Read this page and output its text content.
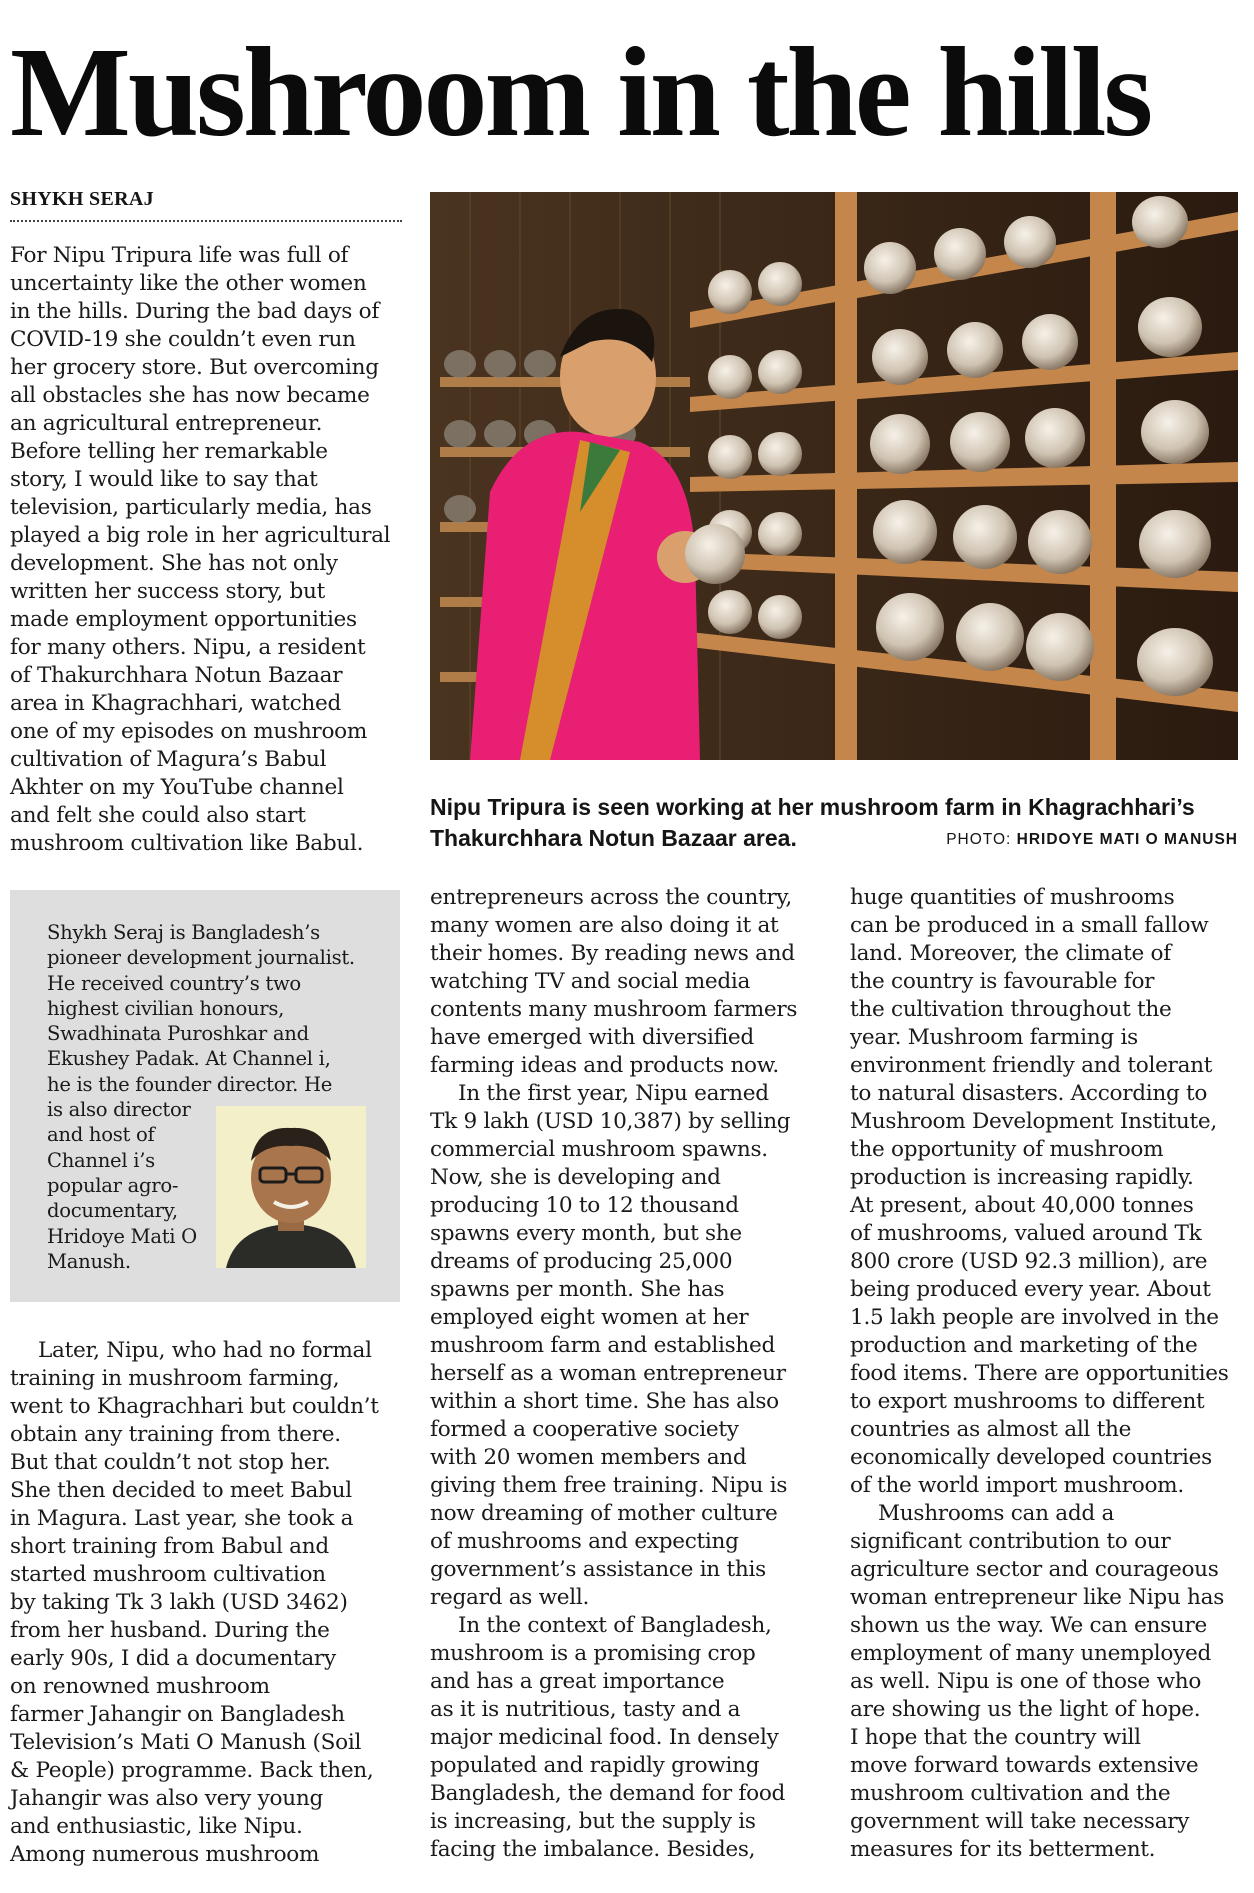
Mushroom in the hills
SHYKH SERAJ
For Nipu Tripura life was full of
uncertainty like the other women
in the hills. During the bad days of
COVID-19 she couldn’t even run
her grocery store. But overcoming
all obstacles she has now became
an agricultural entrepreneur.
Before telling her remarkable
story, I would like to say that
television, particularly media, has
played a big role in her agricultural
development. She has not only
written her success story, but
made employment opportunities
for many others. Nipu, a resident
of Thakurchhara Notun Bazaar
area in Khagrachhari, watched
one of my episodes on mushroom
cultivation of Magura’s Babul
Akhter on my YouTube channel
and felt she could also start
mushroom cultivation like Babul.
Nipu Tripura is seen working at her mushroom farm in Khagrachhari’s
Thakurchhara Notun Bazaar area.	PHOTO: HRIDOYE MATI O MANUSH
Shykh Seraj is Bangladesh’s
pioneer development journalist.
He received country’s two
highest civilian honours,
Swadhinata Puroshkar and
Ekushey Padak. At Channel i,
he is the founder director. He
is also director
and host of
Channel i’s
popular agro-
documentary,
Hridoye Mati O
Manush.
Later, Nipu, who had no formal
training in mushroom farming,
went to Khagrachhari but couldn’t
obtain any training from there.
But that couldn’t not stop her.
She then decided to meet Babul
in Magura. Last year, she took a
short training from Babul and
started mushroom cultivation
by taking Tk 3 lakh (USD 3462)
from her husband. During the
early 90s, I did a documentary
on renowned mushroom
farmer Jahangir on Bangladesh
Television’s Mati O Manush (Soil
& People) programme. Back then,
Jahangir was also very young
and enthusiastic, like Nipu.
Among numerous mushroom
entrepreneurs across the country,
many women are also doing it at
their homes. By reading news and
watching TV and social media
contents many mushroom farmers
have emerged with diversified
farming ideas and products now.
In the first year, Nipu earned
Tk 9 lakh (USD 10,387) by selling
commercial mushroom spawns.
Now, she is developing and
producing 10 to 12 thousand
spawns every month, but she
dreams of producing 25,000
spawns per month. She has
employed eight women at her
mushroom farm and established
herself as a woman entrepreneur
within a short time. She has also
formed a cooperative society
with 20 women members and
giving them free training. Nipu is
now dreaming of mother culture
of mushrooms and expecting
government’s assistance in this
regard as well.
In the context of Bangladesh,
mushroom is a promising crop
and has a great importance
as it is nutritious, tasty and a
major medicinal food. In densely
populated and rapidly growing
Bangladesh, the demand for food
is increasing, but the supply is
facing the imbalance. Besides,
huge quantities of mushrooms
can be produced in a small fallow
land. Moreover, the climate of
the country is favourable for
the cultivation throughout the
year. Mushroom farming is
environment friendly and tolerant
to natural disasters. According to
Mushroom Development Institute,
the opportunity of mushroom
production is increasing rapidly.
At present, about 40,000 tonnes
of mushrooms, valued around Tk
800 crore (USD 92.3 million), are
being produced every year. About
1.5 lakh people are involved in the
production and marketing of the
food items. There are opportunities
to export mushrooms to different
countries as almost all the
economically developed countries
of the world import mushroom.
Mushrooms can add a
significant contribution to our
agriculture sector and courageous
woman entrepreneur like Nipu has
shown us the way. We can ensure
employment of many unemployed
as well. Nipu is one of those who
are showing us the light of hope.
I hope that the country will
move forward towards extensive
mushroom cultivation and the
government will take necessary
measures for its betterment.
